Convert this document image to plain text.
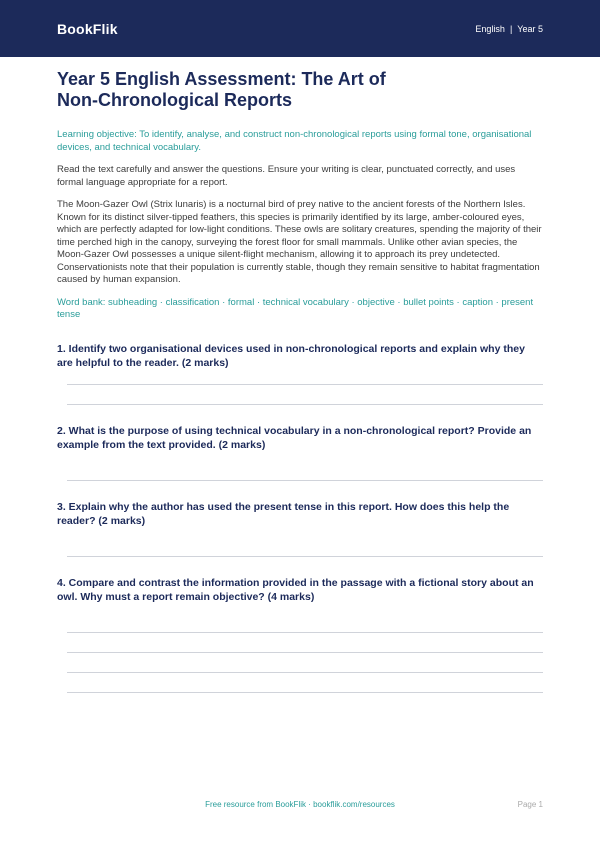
BookFlik	English | Year 5
Year 5 English Assessment: The Art of Non-Chronological Reports

Learning objective: To identify, analyse, and construct non-chronological reports using formal tone, organisational devices, and technical vocabulary.

Read the text carefully and answer the questions. Ensure your writing is clear, punctuated correctly, and uses formal language appropriate for a report.

The Moon-Gazer Owl (Strix lunaris) is a nocturnal bird of prey native to the ancient forests of the Northern Isles. Known for its distinct silver-tipped feathers, this species is primarily identified by its large, amber-coloured eyes, which are perfectly adapted for low-light conditions. These owls are solitary creatures, spending the majority of their time perched high in the canopy, surveying the forest floor for small mammals. Unlike other avian species, the Moon-Gazer Owl possesses a unique silent-flight mechanism, allowing it to approach its prey undetected. Conservationists note that their population is currently stable, though they remain sensitive to habitat fragmentation caused by human expansion.

Word bank: subheading · classification · formal · technical vocabulary · objective · bullet points · caption · present tense

1. Identify two organisational devices used in non-chronological reports and explain why they are helpful to the reader. (2 marks)
2. What is the purpose of using technical vocabulary in a non-chronological report? Provide an example from the text provided. (2 marks)
3. Explain why the author has used the present tense in this report. How does this help the reader? (2 marks)
4. Compare and contrast the information provided in the passage with a fictional story about an owl. Why must a report remain objective? (4 marks)
Free resource from BookFlik · bookflik.com/resources	Page 1
